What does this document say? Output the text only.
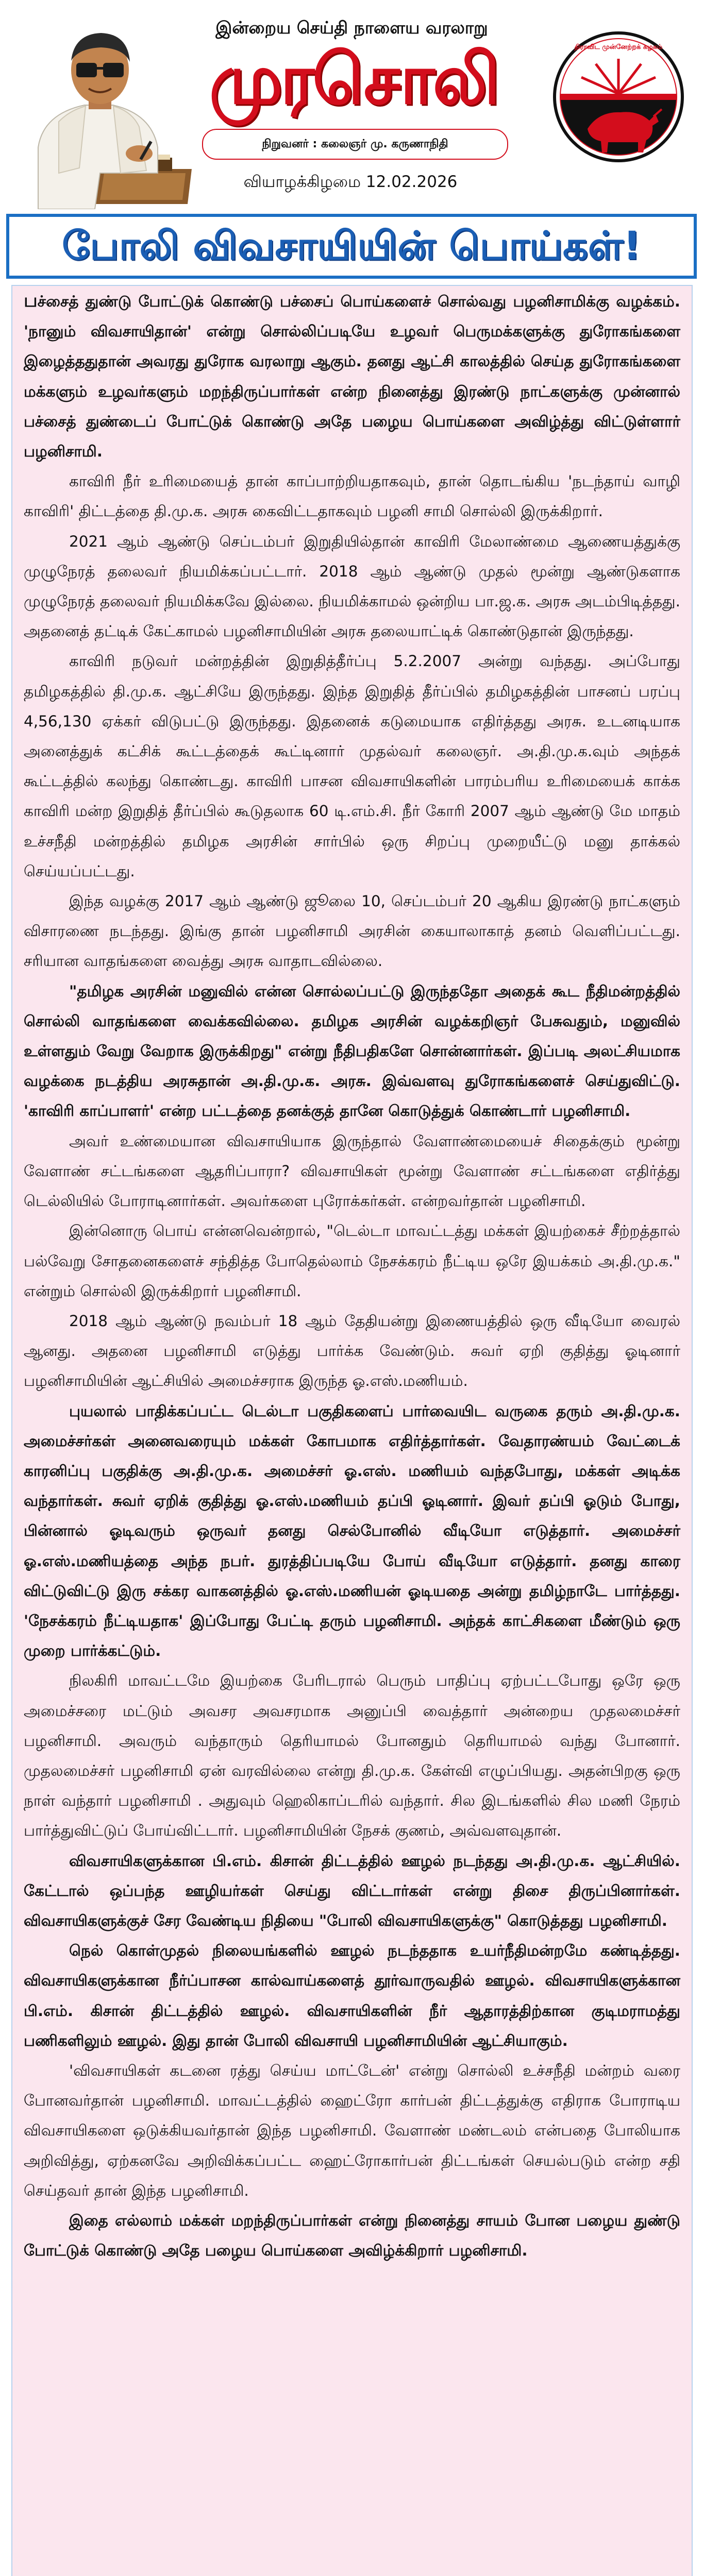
இன்றைய செய்தி நாளைய வரலாறு
முரசொலி
நிறுவனர் : கலைஞர் மு. கருணாநிதி
திராவிட முன்னேற்றக் கழகம்
வியாழக்கிழமை 12.02.2026
போலி விவசாயியின் பொய்கள்!

பச்சைத் துண்டு போட்டுக் கொண்டு பச்சைப் பொய்களைச் சொல்வது பழனிசாமிக்கு வழக்கம். 'நானும் விவசாயிதான்' என்று சொல்லிப்படியே உழவர் பெருமக்களுக்கு துரோகங்களை இழைத்ததுதான் அவரது துரோக வரலாறு ஆகும். தனது ஆட்சி காலத்தில் செய்த துரோகங்களை மக்களும் உழவர்களும் மறந்திருப்பார்கள் என்ற நினைத்து இரண்டு நாட்களுக்கு முன்னால் பச்சைத் துண்டைப் போட்டுக் கொண்டு அதே பழைய பொய்களை அவிழ்த்து விட்டுள்ளார் பழனிசாமி.

காவிரி நீர் உரிமையைத் தான் காப்பாற்றியதாகவும், தான் தொடங்கிய 'நடந்தாய் வாழி காவிரி' திட்டத்தை தி.மு.க. அரசு கைவிட்டதாகவும் பழனி சாமி சொல்லி இருக்கிறார்.

2021 ஆம் ஆண்டு செப்டம்பர் இறுதியில்தான் காவிரி மேலாண்மை ஆணையத்துக்கு முழுநேரத் தலைவர் நியமிக்கப்பட்டார். 2018 ஆம் ஆண்டு முதல் மூன்று ஆண்டுகளாக முழுநேரத் தலைவர் நியமிக்கவே இல்லை. நியமிக்காமல் ஒன்றிய பா.ஜ.க. அரசு அடம்பிடித்தது. அதனைத் தட்டிக் கேட்காமல் பழனிசாமியின் அரசு தலையாட்டிக் கொண்டுதான் இருந்தது.

காவிரி நடுவர் மன்றத்தின் இறுதித்தீர்ப்பு 5.2.2007 அன்று வந்தது. அப்போது தமிழகத்தில் தி.மு.க. ஆட்சியே இருந்தது. இந்த இறுதித் தீர்ப்பில் தமிழகத்தின் பாசனப் பரப்பு 4,56,130 ஏக்கர் விடுபட்டு இருந்தது. இதனைக் கடுமையாக எதிர்த்தது அரசு. உடனடியாக அனைத்துக் கட்சிக் கூட்டத்தைக் கூட்டினார் முதல்வர் கலைஞர். அ.தி.மு.க.வும் அந்தக் கூட்டத்தில் கலந்து கொண்டது. காவிரி பாசன விவசாயிகளின் பாரம்பரிய உரிமையைக் காக்க காவிரி மன்ற இறுதித் தீர்ப்பில் கூடுதலாக 60 டி.எம்.சி. நீர் கோரி 2007 ஆம் ஆண்டு மே மாதம் உச்சநீதி மன்றத்தில் தமிழக அரசின் சார்பில் ஒரு சிறப்பு முறையீட்டு மனு தாக்கல் செய்யப்பட்டது.

இந்த வழக்கு 2017 ஆம் ஆண்டு ஜூலை 10, செப்டம்பர் 20 ஆகிய இரண்டு நாட்களும் விசாரணை நடந்தது. இங்கு தான் பழனிசாமி அரசின் கையாலாகாத் தனம் வெளிப்பட்டது. சரியான வாதங்களை வைத்து அரசு வாதாடவில்லை.

"தமிழக அரசின் மனுவில் என்ன சொல்லப்பட்டு இருந்ததோ அதைக் கூட நீதிமன்றத்தில் சொல்லி வாதங்களை வைக்கவில்லை. தமிழக அரசின் வழக்கறிஞர் பேசுவதும், மனுவில் உள்ளதும் வேறு வேறாக இருக்கிறது" என்று நீதிபதிகளே சொன்னார்கள். இப்படி அலட்சியமாக வழக்கை நடத்திய அரசுதான் அ.தி.மு.க. அரசு. இவ்வளவு துரோகங்களைச் செய்துவிட்டு. 'காவிரி காப்பாளர்' என்ற பட்டத்தை தனக்குத் தானே கொடுத்துக் கொண்டார் பழனிசாமி.

அவர் உண்மையான விவசாயியாக இருந்தால் வேளாண்மையைச் சிதைக்கும் மூன்று வேளாண் சட்டங்களை ஆதரிப்பாரா? விவசாயிகள் மூன்று வேளாண் சட்டங்களை எதிர்த்து டெல்லியில் போராடினார்கள். அவர்களை புரோக்கர்கள். என்றவர்தான் பழனிசாமி.

இன்னொரு பொய் என்னவென்றால், "டெல்டா மாவட்டத்து மக்கள் இயற்கைச் சீற்றத்தால் பல்வேறு சோதனைகளைச் சந்தித்த போதெல்லாம் நேசக்கரம் நீட்டிய ஒரே இயக்கம் அ.தி.மு.க." என்றும் சொல்லி இருக்கிறார் பழனிசாமி.

2018 ஆம் ஆண்டு நவம்பர் 18 ஆம் தேதியன்று இணையத்தில் ஒரு வீடியோ வைரல் ஆனது. அதனை பழனிசாமி எடுத்து பார்க்க வேண்டும். சுவர் ஏறி குதித்து ஓடினார் பழனிசாமியின் ஆட்சியில் அமைச்சராக இருந்த ஓ.எஸ்.மணியம்.

புயலால் பாதிக்கப்பட்ட டெல்டா பகுதிகளைப் பார்வையிட வருகை தரும் அ.தி.மு.க. அமைச்சர்கள் அனைவரையும் மக்கள் கோபமாக எதிர்த்தார்கள். வேதாரண்யம் வேட்டைக் காரனிப்பு பகுதிக்கு அ.தி.மு.க. அமைச்சர் ஓ.எஸ். மணியம் வந்தபோது, மக்கள் அடிக்க வந்தார்கள். சுவர் ஏறிக் குதித்து ஓ.எஸ்.மணியம் தப்பி ஓடினார். இவர் தப்பி ஓடும் போது, பின்னால் ஓடிவரும் ஒருவர் தனது செல்போனில் வீடியோ எடுத்தார். அமைச்சர் ஓ.எஸ்.மணியத்தை அந்த நபர். துரத்திப்படியே போய் வீடியோ எடுத்தார். தனது காரை விட்டுவிட்டு இரு சக்கர வாகனத்தில் ஓ.எஸ்.மணியன் ஓடியதை அன்று தமிழ்நாடே பார்த்தது. 'நேசக்கரம் நீட்டியதாக' இப்போது பேட்டி தரும் பழனிசாமி. அந்தக் காட்சிகளை மீண்டும் ஒரு முறை பார்க்கட்டும்.

நிலகிரி மாவட்டமே இயற்கை பேரிடரால் பெரும் பாதிப்பு ஏற்பட்டபோது ஒரே ஒரு அமைச்சரை மட்டும் அவசர அவசரமாக அனுப்பி வைத்தார் அன்றைய முதலமைச்சர் பழனிசாமி. அவரும் வந்தாரும் தெரியாமல் போனதும் தெரியாமல் வந்து போனார். முதலமைச்சர் பழனிசாமி ஏன் வரவில்லை என்று தி.மு.க. கேள்வி எழுப்பியது. அதன்பிறகு ஒரு நாள் வந்தார் பழனிசாமி . அதுவும் ஹெலிகாப்டரில் வந்தார். சில இடங்களில் சில மணி நேரம் பார்த்துவிட்டுப் போய்விட்டார். பழனிசாமியின் நேசக் குணம், அவ்வளவுதான்.

விவசாயிகளுக்கான பி.எம். கிசான் திட்டத்தில் ஊழல் நடந்தது அ.தி.மு.க. ஆட்சியில். கேட்டால் ஒப்பந்த ஊழியர்கள் செய்து விட்டார்கள் என்று திசை திருப்பினார்கள். விவசாயிகளுக்குச் சேர வேண்டிய நிதியை "போலி விவசாயிகளுக்கு" கொடுத்தது பழனிசாமி.

நெல் கொள்முதல் நிலையங்களில் ஊழல் நடந்ததாக உயர்நீதிமன்றமே கண்டித்தது. விவசாயிகளுக்கான நீர்ப்பாசன கால்வாய்களைத் தூர்வாருவதில் ஊழல். விவசாயிகளுக்கான பி.எம். கிசான் திட்டத்தில் ஊழல். விவசாயிகளின் நீர் ஆதாரத்திற்கான குடிமராமத்து பணிகளிலும் ஊழல். இது தான் போலி விவசாயி பழனிசாமியின் ஆட்சியாகும்.

'விவசாயிகள் கடனை ரத்து செய்ய மாட்டேன்' என்று சொல்லி உச்சநீதி மன்றம் வரை போனவர்தான் பழனிசாமி. மாவட்டத்தில் ஹைட்ரோ கார்பன் திட்டத்துக்கு எதிராக போராடிய விவசாயிகளை ஒடுக்கியவர்தான் இந்த பழனிசாமி. வேளாண் மண்டலம் என்பதை போலியாக அறிவித்து, ஏற்கனவே அறிவிக்கப்பட்ட ஹைட்ரோகார்பன் திட்டங்கள் செயல்படும் என்ற சதி செய்தவர் தான் இந்த பழனிசாமி.

இதை எல்லாம் மக்கள் மறந்திருப்பார்கள் என்று நினைத்து சாயம் போன பழைய துண்டு போட்டுக் கொண்டு அதே பழைய பொய்களை அவிழ்க்கிறார் பழனிசாமி.
